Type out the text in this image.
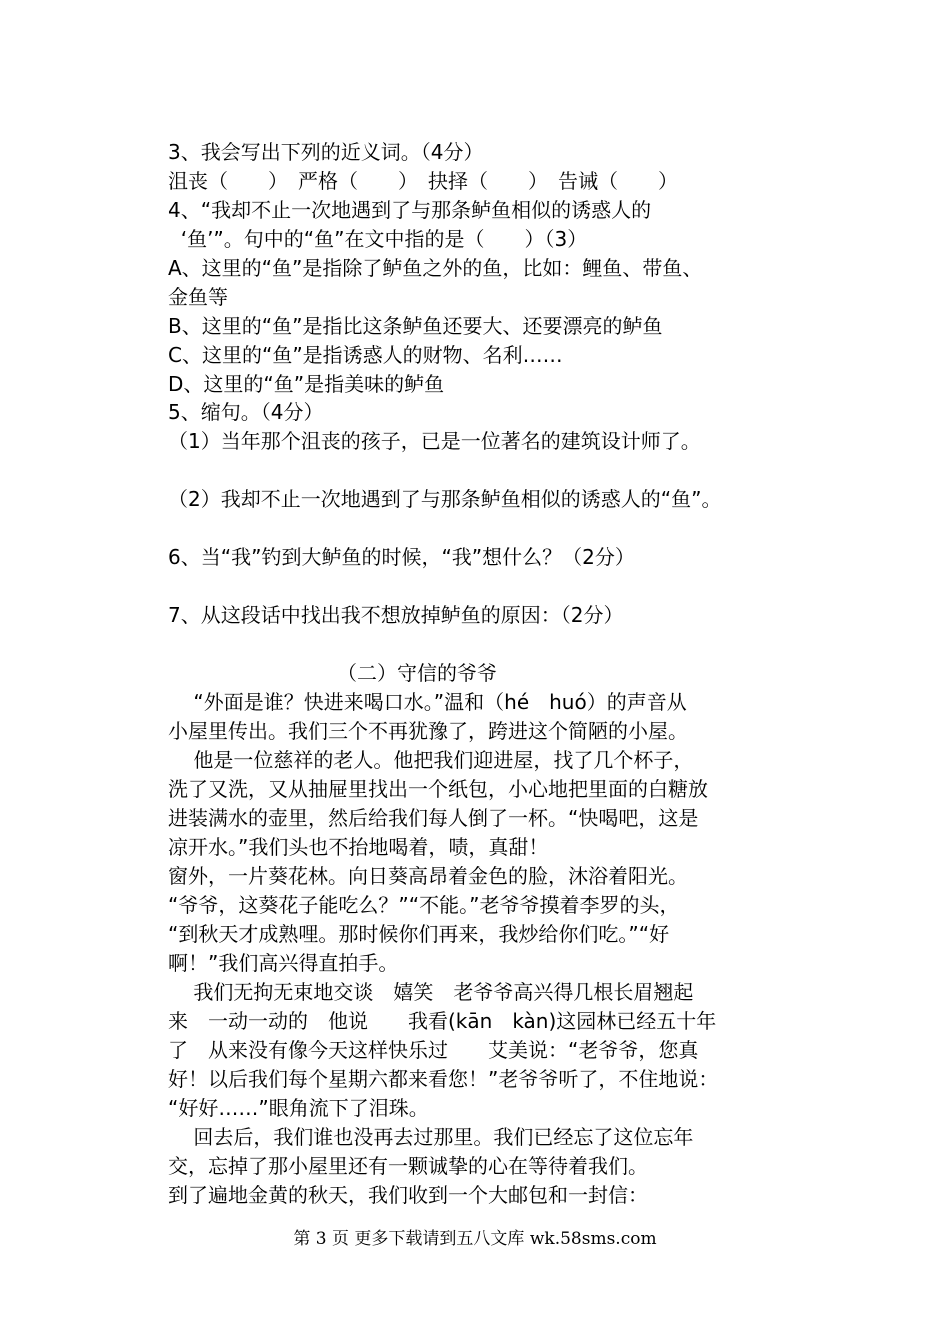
3、我会写出下列的近义词。（4分）
沮丧（　　）　严格（　　）　抉择（　　）　告诫（　　）
4、“我却不止一次地遇到了与那条鲈鱼相似的诱惑人的
‘鱼’”。句中的“鱼”在文中指的是（　　）（3）
A、这里的“鱼”是指除了鲈鱼之外的鱼，比如：鲤鱼、带鱼、
金鱼等
B、这里的“鱼”是指比这条鲈鱼还要大、还要漂亮的鲈鱼
C、这里的“鱼”是指诱惑人的财物、名利……
D、这里的“鱼”是指美味的鲈鱼
5、缩句。（4分）
（1）当年那个沮丧的孩子，已是一位著名的建筑设计师了。
（2）我却不止一次地遇到了与那条鲈鱼相似的诱惑人的“鱼”。
6、当“我”钓到大鲈鱼的时候，“我”想什么？（2分）
7、从这段话中找出我不想放掉鲈鱼的原因：（2分）
（二）守信的爷爷
“外面是谁？快进来喝口水。”温和（hé　huó）的声音从
小屋里传出。我们三个不再犹豫了，跨进这个简陋的小屋。
他是一位慈祥的老人。他把我们迎进屋，找了几个杯子，
洗了又洗，又从抽屉里找出一个纸包，小心地把里面的白糖放
进装满水的壶里，然后给我们每人倒了一杯。“快喝吧，这是
凉开水。”我们头也不抬地喝着，啧，真甜！
窗外，一片葵花林。向日葵高昂着金色的脸，沐浴着阳光。
“爷爷，这葵花子能吃么？”“不能。”老爷爷摸着李罗的头，
“到秋天才成熟哩。那时候你们再来，我炒给你们吃。”“好
啊！”我们高兴得直拍手。
我们无拘无束地交谈　嬉笑　老爷爷高兴得几根长眉翘起
来　一动一动的　他说　　我看(kān　kàn)这园林已经五十年
了　从来没有像今天这样快乐过　　艾美说：“老爷爷，您真
好！以后我们每个星期六都来看您！”老爷爷听了，不住地说：
“好好……”眼角流下了泪珠。
回去后，我们谁也没再去过那里。我们已经忘了这位忘年
交，忘掉了那小屋里还有一颗诚挚的心在等待着我们。
到了遍地金黄的秋天，我们收到一个大邮包和一封信：
第 3 页 更多下载请到五八文库 wk.58sms.com
